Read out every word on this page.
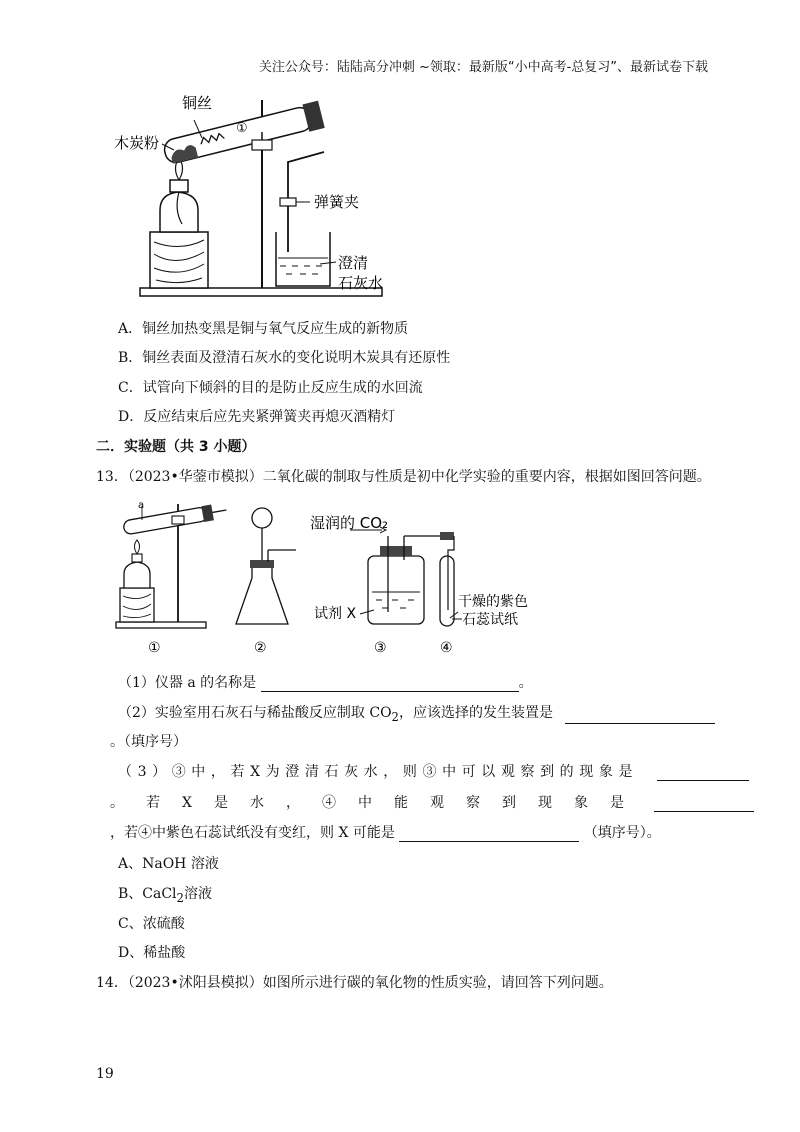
关注公众号：陆陆高分冲刺 ~领取：最新版“小中高考-总复习”、最新试卷下载
铜丝
木炭粉
①
弹簧夹
澄清
石灰水
A．铜丝加热变黑是铜与氧气反应生成的新物质
B．铜丝表面及澄清石灰水的变化说明木炭具有还原性
C．试管向下倾斜的目的是防止反应生成的水回流
D．反应结束后应先夹紧弹簧夹再熄灭酒精灯
二．实验题（共 3 小题）
13．（2023•华蓥市模拟）二氧化碳的制取与性质是初中化学实验的重要内容，根据如图回答问题。
a
湿润的 CO₂
试剂 X
干燥的紫色
石蕊试纸
①	②	③	④
（1）仪器 a 的名称是	。
（2）实验室用石灰石与稀盐酸反应制取 $CO_2$，应该选择的发生装置是
。（填序号）
（3）③中，若X为澄清石灰水，则③中可以观察到的现象是
。若X是水，④中能观察到现象是
，若④中紫色石蕊试纸没有变红，则 X 可能是	（填序号）。
A、NaOH 溶液
B、CaCl$_2$溶液
C、浓硫酸
D、稀盐酸
14．（2023•沭阳县模拟）如图所示进行碳的氧化物的性质实验，请回答下列问题。
19
